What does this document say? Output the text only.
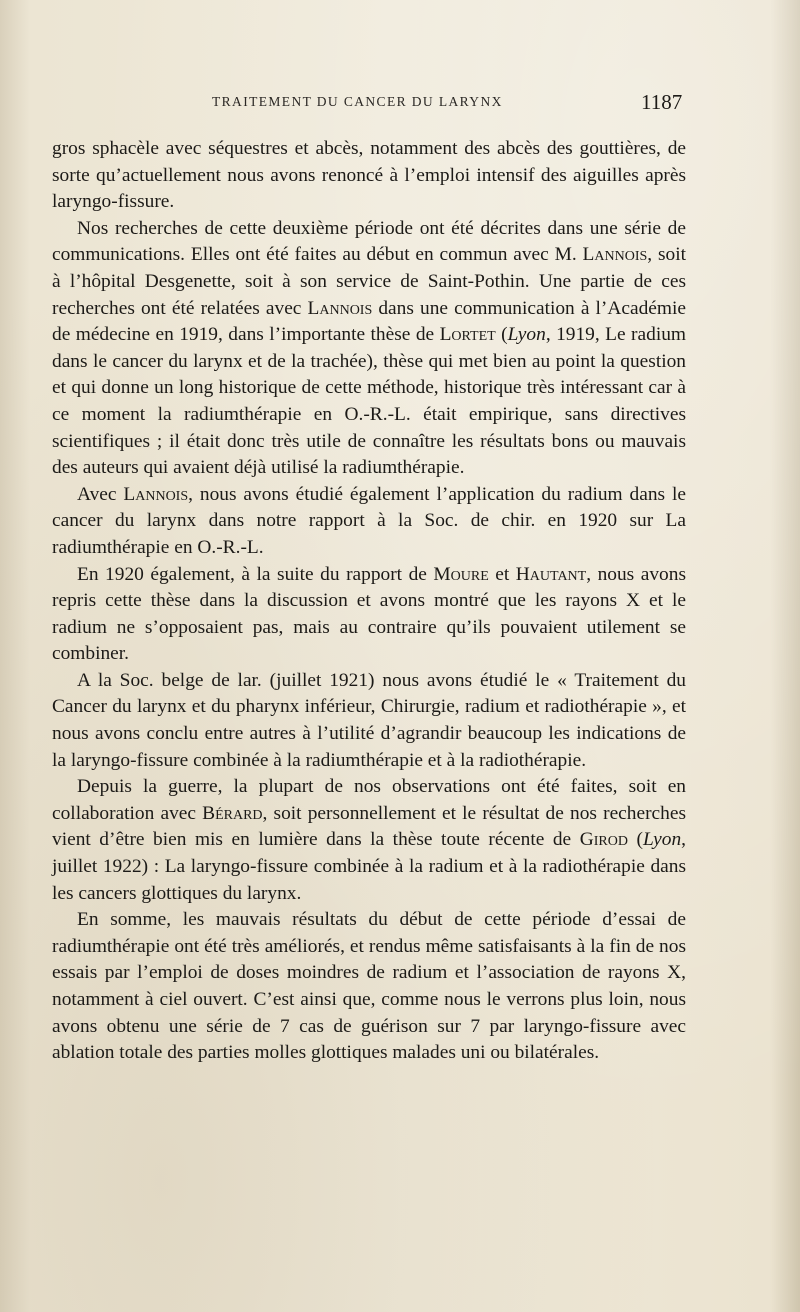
TRAITEMENT DU CANCER DU LARYNX	1187

gros sphacèle avec séquestres et abcès, notamment des abcès des gouttières, de sorte qu’actuellement nous avons renoncé à l’emploi intensif des aiguilles après laryngo-fissure.

Nos recherches de cette deuxième période ont été décrites dans une série de communications. Elles ont été faites au début en commun avec M. Lannois, soit à l’hôpital Desgenette, soit à son service de Saint-Pothin. Une partie de ces recherches ont été relatées avec Lannois dans une communication à l’Académie de médecine en 1919, dans l’importante thèse de Lortet (Lyon, 1919, Le radium dans le cancer du larynx et de la trachée), thèse qui met bien au point la question et qui donne un long historique de cette méthode, historique très intéressant car à ce moment la radiumthérapie en O.-R.-L. était empirique, sans directives scientifiques ; il était donc très utile de connaître les résultats bons ou mauvais des auteurs qui avaient déjà utilisé la radiumthérapie.

Avec Lannois, nous avons étudié également l’application du radium dans le cancer du larynx dans notre rapport à la Soc. de chir. en 1920 sur La radiumthérapie en O.-R.-L.

En 1920 également, à la suite du rapport de Moure et Hautant, nous avons repris cette thèse dans la discussion et avons montré que les rayons X et le radium ne s’opposaient pas, mais au contraire qu’ils pouvaient utilement se combiner.

A la Soc. belge de lar. (juillet 1921) nous avons étudié le « Traitement du Cancer du larynx et du pharynx inférieur, Chirurgie, radium et radiothérapie », et nous avons conclu entre autres à l’utilité d’agrandir beaucoup les indications de la laryngo-fissure combinée à la radiumthérapie et à la radiothérapie.

Depuis la guerre, la plupart de nos observations ont été faites, soit en collaboration avec Bérard, soit personnellement et le résultat de nos recherches vient d’être bien mis en lumière dans la thèse toute récente de Girod (Lyon, juillet 1922) : La laryngo-fissure combinée à la radium et à la radiothérapie dans les cancers glottiques du larynx.

En somme, les mauvais résultats du début de cette période d’essai de radiumthérapie ont été très améliorés, et rendus même satisfaisants à la fin de nos essais par l’emploi de doses moindres de radium et l’association de rayons X, notamment à ciel ouvert. C’est ainsi que, comme nous le verrons plus loin, nous avons obtenu une série de 7 cas de guérison sur 7 par laryngo-fissure avec ablation totale des parties molles glottiques malades uni ou bilatérales.
